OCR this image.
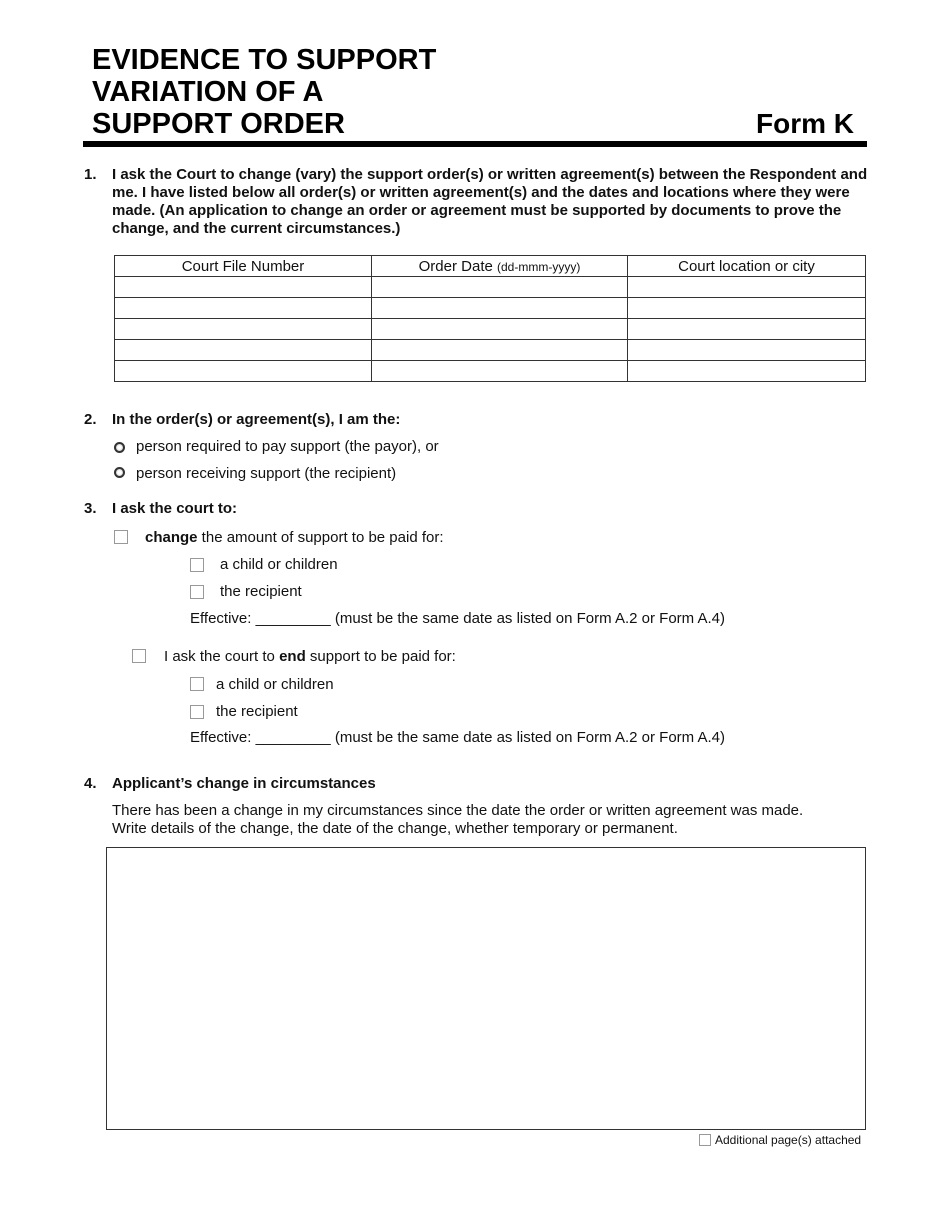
EVIDENCE TO SUPPORT
VARIATION OF A
SUPPORT ORDER	Form K
1. I ask the Court to change (vary) the support order(s) or written agreement(s) between the Respondent and me. I have listed below all order(s) or written agreement(s) and the dates and locations where they were made. (An application to change an order or agreement must be supported by documents to prove the change, and the current circumstances.)
Court File Number	Order Date (dd-mmm-yyyy)	Court location or city

2. In the order(s) or agreement(s), I am the:
person required to pay support (the payor), or
person receiving support (the recipient)
3. I ask the court to:
change the amount of support to be paid for:
a child or children
the recipient
Effective: _________ (must be the same date as listed on Form A.2 or Form A.4)
I ask the court to end support to be paid for:
a child or children
the recipient
Effective: _________ (must be the same date as listed on Form A.2 or Form A.4)
4. Applicant’s change in circumstances
There has been a change in my circumstances since the date the order or written agreement was made.
Write details of the change, the date of the change, whether temporary or permanent.
Additional page(s) attached
